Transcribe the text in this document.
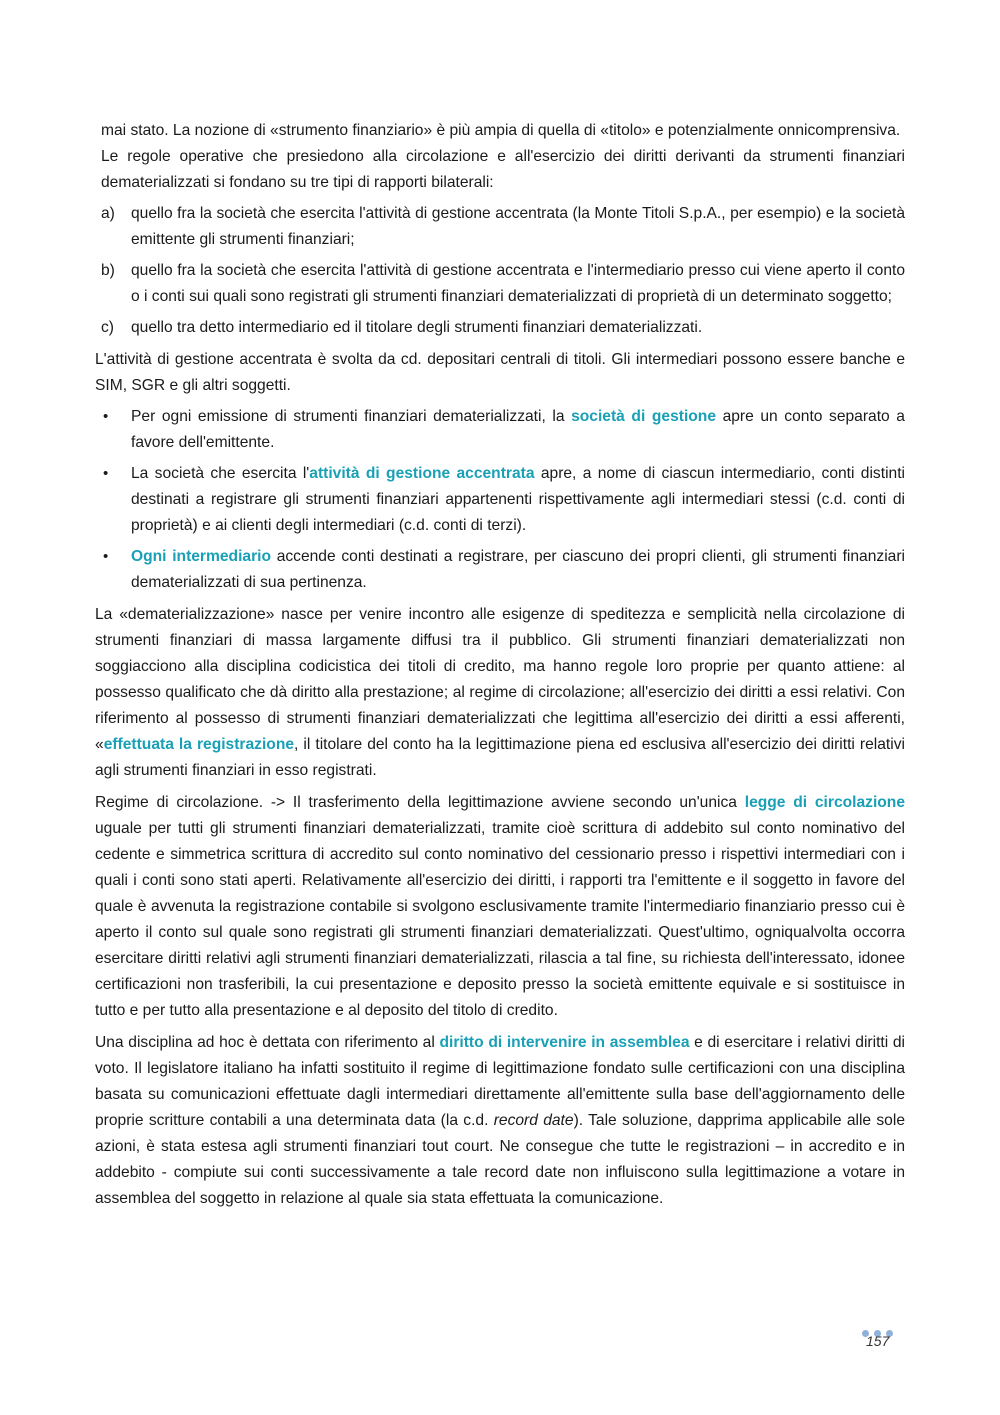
mai stato. La nozione di «strumento finanziario» è più ampia di quella di «titolo» e potenzialmente onnicomprensiva.

Le regole operative che presiedono alla circolazione e all'esercizio dei diritti derivanti da strumenti finanziari dematerializzati si fondano su tre tipi di rapporti bilaterali:

a) quello fra la società che esercita l'attività di gestione accentrata (la Monte Titoli S.p.A., per esempio) e la società emittente gli strumenti finanziari;
b) quello fra la società che esercita l'attività di gestione accentrata e l'intermediario presso cui viene aperto il conto o i conti sui quali sono registrati gli strumenti finanziari dematerializzati di proprietà di un determinato soggetto;
c) quello tra detto intermediario ed il titolare degli strumenti finanziari dematerializzati.

L'attività di gestione accentrata è svolta da cd. depositari centrali di titoli. Gli intermediari possono essere banche e SIM, SGR e gli altri soggetti.

• Per ogni emissione di strumenti finanziari dematerializzati, la società di gestione apre un conto separato a favore dell'emittente.
• La società che esercita l'attività di gestione accentrata apre, a nome di ciascun intermediario, conti distinti destinati a registrare gli strumenti finanziari appartenenti rispettivamente agli intermediari stessi (c.d. conti di proprietà) e ai clienti degli intermediari (c.d. conti di terzi).
• Ogni intermediario accende conti destinati a registrare, per ciascuno dei propri clienti, gli strumenti finanziari dematerializzati di sua pertinenza.

La «dematerializzazione» nasce per venire incontro alle esigenze di speditezza e semplicità nella circolazione di strumenti finanziari di massa largamente diffusi tra il pubblico. Gli strumenti finanziari dematerializzati non soggiacciono alla disciplina codicistica dei titoli di credito, ma hanno regole loro proprie per quanto attiene: al possesso qualificato che dà diritto alla prestazione; al regime di circolazione; all'esercizio dei diritti a essi relativi. Con riferimento al possesso di strumenti finanziari dematerializzati che legittima all'esercizio dei diritti a essi afferenti, «effettuata la registrazione, il titolare del conto ha la legittimazione piena ed esclusiva all'esercizio dei diritti relativi agli strumenti finanziari in esso registrati.

Regime di circolazione. -> Il trasferimento della legittimazione avviene secondo un'unica legge di circolazione uguale per tutti gli strumenti finanziari dematerializzati, tramite cioè scrittura di addebito sul conto nominativo del cedente e simmetrica scrittura di accredito sul conto nominativo del cessionario presso i rispettivi intermediari con i quali i conti sono stati aperti. Relativamente all'esercizio dei diritti, i rapporti tra l'emittente e il soggetto in favore del quale è avvenuta la registrazione contabile si svolgono esclusivamente tramite l'intermediario finanziario presso cui è aperto il conto sul quale sono registrati gli strumenti finanziari dematerializzati. Quest'ultimo, ogniqualvolta occorra esercitare diritti relativi agli strumenti finanziari dematerializzati, rilascia a tal fine, su richiesta dell'interessato, idonee certificazioni non trasferibili, la cui presentazione e deposito presso la società emittente equivale e si sostituisce in tutto e per tutto alla presentazione e al deposito del titolo di credito.

Una disciplina ad hoc è dettata con riferimento al diritto di intervenire in assemblea e di esercitare i relativi diritti di voto. Il legislatore italiano ha infatti sostituito il regime di legittimazione fondato sulle certificazioni con una disciplina basata su comunicazioni effettuate dagli intermediari direttamente all'emittente sulla base dell'aggiornamento delle proprie scritture contabili a una determinata data (la c.d. record date). Tale soluzione, dapprima applicabile alle sole azioni, è stata estesa agli strumenti finanziari tout court. Ne consegue che tutte le registrazioni – in accredito e in addebito - compiute sui conti successivamente a tale record date non influiscono sulla legittimazione a votare in assemblea del soggetto in relazione al quale sia stata effettuata la comunicazione.

157
